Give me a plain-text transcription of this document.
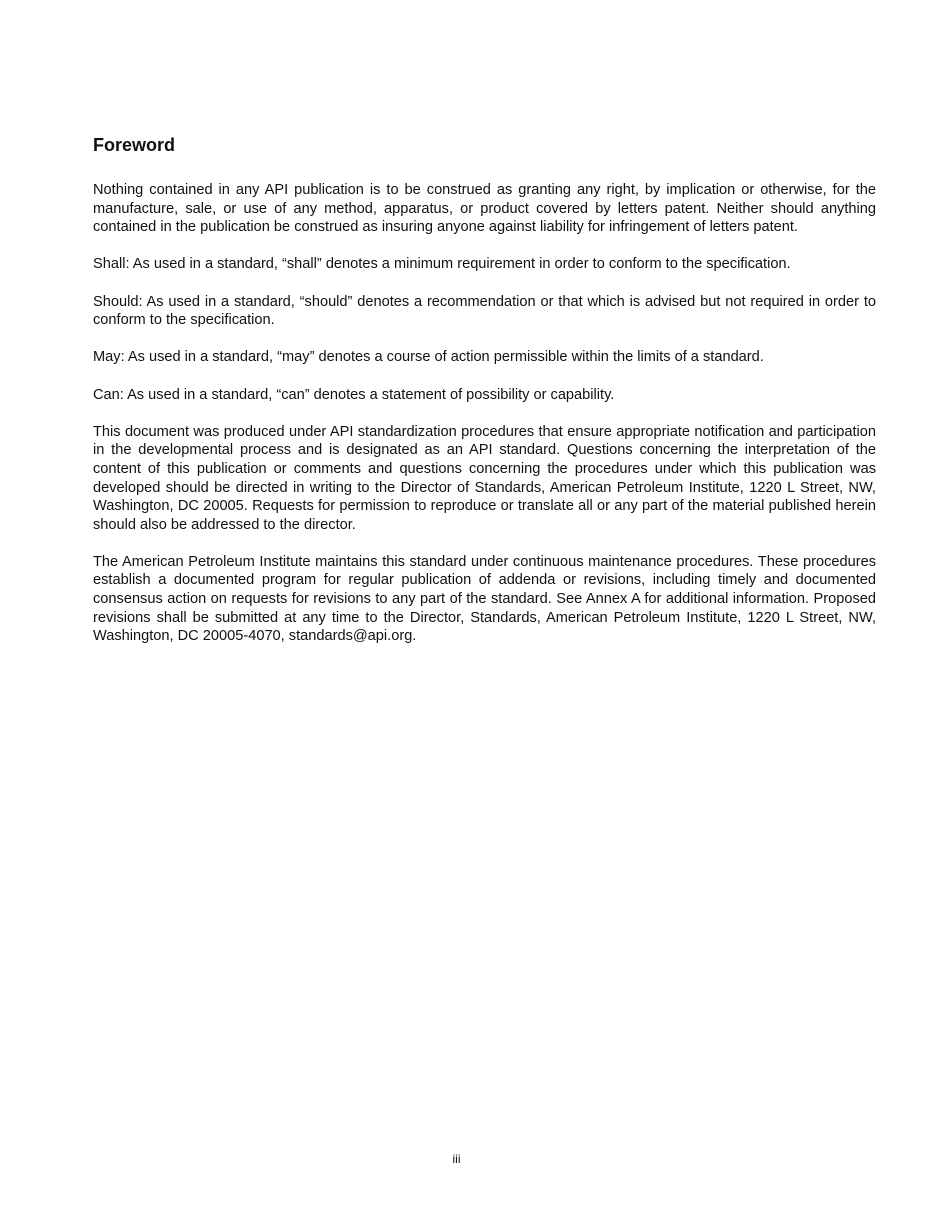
Foreword

Nothing contained in any API publication is to be construed as granting any right, by implication or otherwise, for the manufacture, sale, or use of any method, apparatus, or product covered by letters patent. Neither should anything contained in the publication be construed as insuring anyone against liability for infringement of letters patent.

Shall: As used in a standard, “shall” denotes a minimum requirement in order to conform to the specification.

Should: As used in a standard, “should” denotes a recommendation or that which is advised but not required in order to conform to the specification.

May: As used in a standard, “may” denotes a course of action permissible within the limits of a standard.

Can: As used in a standard, “can” denotes a statement of possibility or capability.

This document was produced under API standardization procedures that ensure appropriate notification and participation in the developmental process and is designated as an API standard. Questions concerning the interpretation of the content of this publication or comments and questions concerning the procedures under which this publication was developed should be directed in writing to the Director of Standards, American Petroleum Institute, 1220 L Street, NW, Washington, DC 20005. Requests for permission to reproduce or translate all or any part of the material published herein should also be addressed to the director.

The American Petroleum Institute maintains this standard under continuous maintenance procedures. These procedures establish a documented program for regular publication of addenda or revisions, including timely and documented consensus action on requests for revisions to any part of the standard. See Annex A for additional information. Proposed revisions shall be submitted at any time to the Director, Standards, American Petroleum Institute, 1220 L Street, NW, Washington, DC 20005-4070, standards@api.org.

iii
